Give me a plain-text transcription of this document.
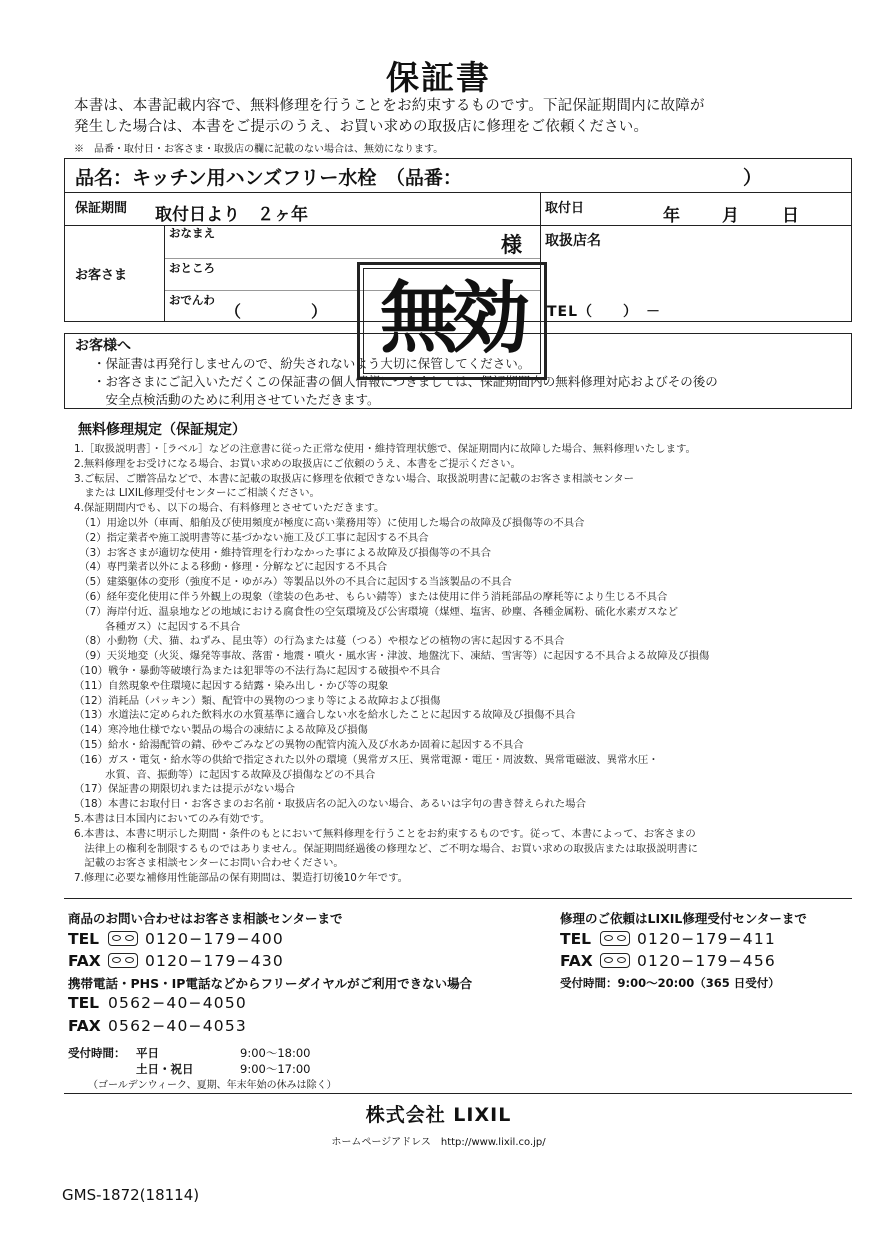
保証書
本書は、本書記載内容で、無料修理を行うことをお約束するものです。下記保証期間内に故障が
発生した場合は、本書をご提示のうえ、お買い求めの取扱店に修理をご依頼ください。
※　品番・取付日・お客さま・取扱店の欄に記載のない場合は、無効になります。
品名：キッチン用ハンズフリー水栓　（品番：	）
保証期間 取付日より　２ヶ年	取付日	年 月	日
お客さま
おなまえ	様
おところ
おでんわ
（	）
取扱店名
TEL（　　）　－
お客様へ
・保証書は再発行しませんので、紛失されないよう大切に保管してください。
・お客さまにご記入いただくこの保証書の個人情報につきましては、保証期間内の無料修理対応およびその後の
　安全点検活動のために利用させていただきます。
無効
無料修理規定（保証規定）
1.［取扱説明書］・［ラベル］などの注意書に従った正常な使用・維持管理状態で、保証期間内に故障した場合、無料修理いたします。
2.無料修理をお受けになる場合、お買い求めの取扱店にご依頼のうえ、本書をご提示ください。
3.ご転居、ご贈答品などで、本書に記載の取扱店に修理を依頼できない場合、取扱説明書に記載のお客さま相談センター
　または LIXIL修理受付センターにご相談ください。
4.保証期間内でも、以下の場合、有料修理とさせていただきます。
　（1）用途以外（車両、船舶及び使用頻度が極度に高い業務用等）に使用した場合の故障及び損傷等の不具合
　（2）指定業者や施工説明書等に基づかない施工及び工事に起因する不具合
　（3）お客さまが適切な使用・維持管理を行わなかった事による故障及び損傷等の不具合
　（4）専門業者以外による移動・修理・分解などに起因する不具合
　（5）建築躯体の変形（強度不足・ゆがみ）等製品以外の不具合に起因する当該製品の不具合
　（6）経年変化使用に伴う外観上の現象（塗装の色あせ、もらい錆等）または使用に伴う消耗部品の摩耗等により生じる不具合
　（7）海岸付近、温泉地などの地域における腐食性の空気環境及び公害環境（煤煙、塩害、砂塵、各種金属粉、硫化水素ガスなど
　　　各種ガス）に起因する不具合
　（8）小動物（犬、猫、ねずみ、昆虫等）の行為または蔓（つる）や根などの植物の害に起因する不具合
　（9）天災地変（火災、爆発等事故、落雷・地震・噴火・風水害・津波、地盤沈下、凍結、雪害等）に起因する不具合よる故障及び損傷
（10）戦争・暴動等破壊行為または犯罪等の不法行為に起因する破損や不具合
（11）自然現象や住環境に起因する結露・染み出し・かび等の現象
（12）消耗品（パッキン）類、配管中の異物のつまり等による故障および損傷
（13）水道法に定められた飲料水の水質基準に適合しない水を給水したことに起因する故障及び損傷不具合
（14）寒冷地仕様でない製品の場合の凍結による故障及び損傷
（15）給水・給湯配管の錆、砂やごみなどの異物の配管内流入及び水あか固着に起因する不具合
（16）ガス・電気・給水等の供給で指定された以外の環境（異常ガス圧、異常電源・電圧・周波数、異常電磁波、異常水圧・
　　　水質、音、振動等）に起因する故障及び損傷などの不具合
（17）保証書の期限切れまたは提示がない場合
（18）本書にお取付日・お客さまのお名前・取扱店名の記入のない場合、あるいは字句の書き替えられた場合
5.本書は日本国内においてのみ有効です。
6.本書は、本書に明示した期間・条件のもとにおいて無料修理を行うことをお約束するものです。従って、本書によって、お客さまの
　法律上の権利を制限するものではありません。保証期間経過後の修理など、ご不明な場合、お買い求めの取扱店または取扱説明書に
　記載のお客さま相談センターにお問い合わせください。
7.修理に必要な補修用性能部品の保有期間は、製造打切後10ケ年です。
商品のお問い合わせはお客さま相談センターまで
TEL	0120−179−400
FAX	0120−179−430
携帯電話・PHS・IP電話などからフリーダイヤルがご利用できない場合
TEL 0562−40−4050
FAX 0562−40−4053
受付時間： 平日	9:00〜18:00
土日・祝日	9:00〜17:00
（ゴールデンウィーク、夏期、年末年始の休みは除く）
修理のご依頼はLIXIL修理受付センターまで
TEL	0120−179−411
FAX	0120−179−456
受付時間：9:00〜20:00（365 日受付）
株式会社 LIXIL
ホームページアドレス　http://www.lixil.co.jp/
GMS-1872(18114)
